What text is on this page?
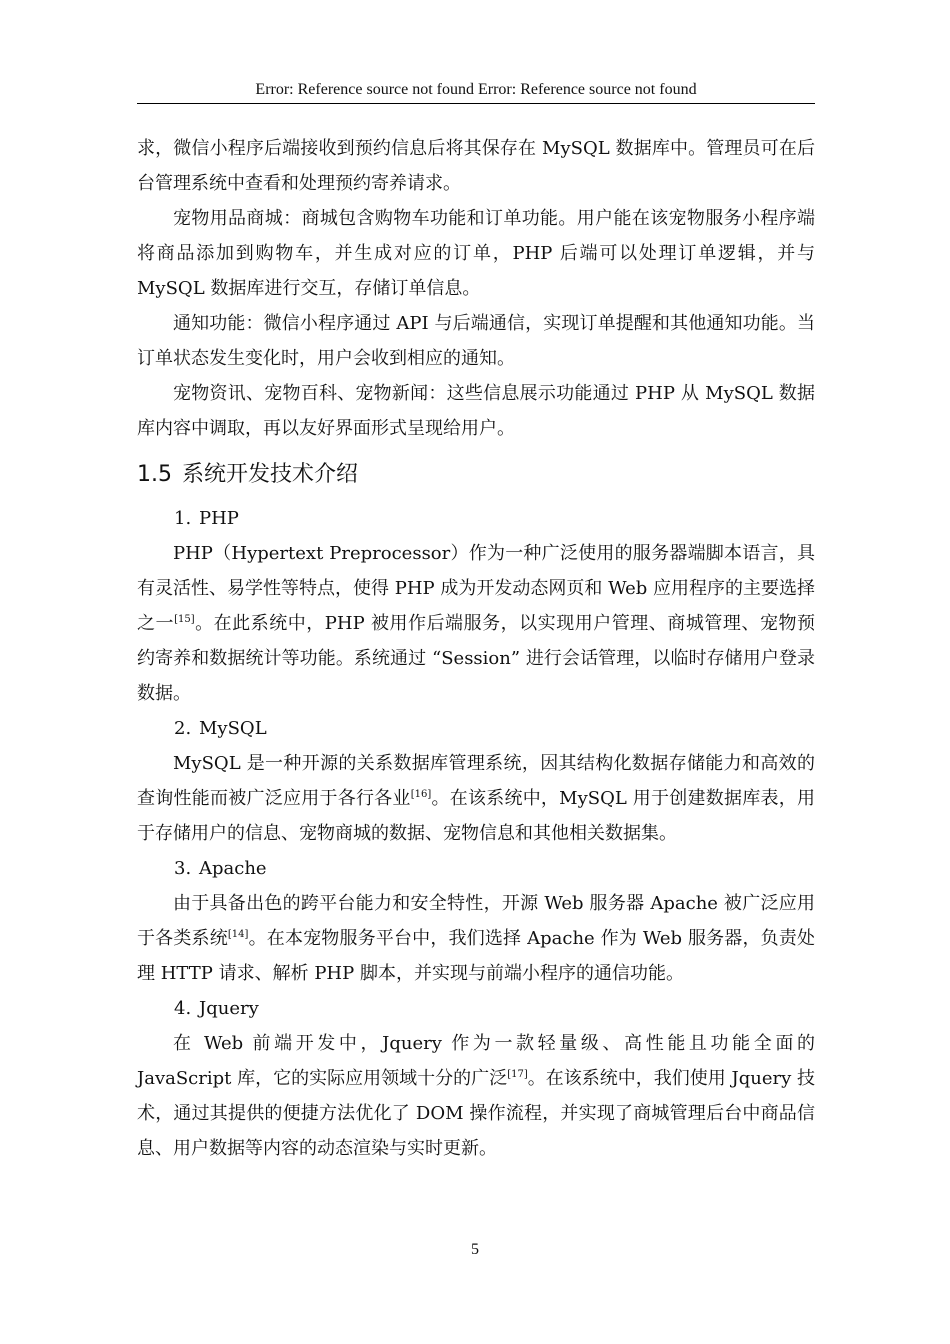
Error: Reference source not found Error: Reference source not found

求，微信小程序后端接收到预约信息后将其保存在 MySQL 数据库中。管理员可在后台管理系统中查看和处理预约寄养请求。

宠物用品商城：商城包含购物车功能和订单功能。用户能在该宠物服务小程序端将商品添加到购物车，并生成对应的订单，PHP 后端可以处理订单逻辑，并与 MySQL 数据库进行交互，存储订单信息。

通知功能：微信小程序通过 API 与后端通信，实现订单提醒和其他通知功能。当订单状态发生变化时，用户会收到相应的通知。

宠物资讯、宠物百科、宠物新闻：这些信息展示功能通过 PHP 从 MySQL 数据库内容中调取，再以友好界面形式呈现给用户。

1.5 系统开发技术介绍

1. PHP

PHP（Hypertext Preprocessor）作为一种广泛使用的服务器端脚本语言，具有灵活性、易学性等特点，使得 PHP 成为开发动态网页和 Web 应用程序的主要选择之一[15]。在此系统中，PHP 被用作后端服务，以实现用户管理、商城管理、宠物预约寄养和数据统计等功能。系统通过 “Session” 进行会话管理，以临时存储用户登录数据。

2. MySQL

MySQL 是一种开源的关系数据库管理系统，因其结构化数据存储能力和高效的查询性能而被广泛应用于各行各业[16]。在该系统中，MySQL 用于创建数据库表，用于存储用户的信息、宠物商城的数据、宠物信息和其他相关数据集。

3. Apache

由于具备出色的跨平台能力和安全特性，开源 Web 服务器 Apache 被广泛应用于各类系统[14]。在本宠物服务平台中，我们选择 Apache 作为 Web 服务器，负责处理 HTTP 请求、解析 PHP 脚本，并实现与前端小程序的通信功能。

4. Jquery

在 Web 前端开发中，Jquery 作为一款轻量级、高性能且功能全面的 JavaScript 库，它的实际应用领域十分的广泛[17]。在该系统中，我们使用 Jquery 技术，通过其提供的便捷方法优化了 DOM 操作流程，并实现了商城管理后台中商品信息、用户数据等内容的动态渲染与实时更新。

5
